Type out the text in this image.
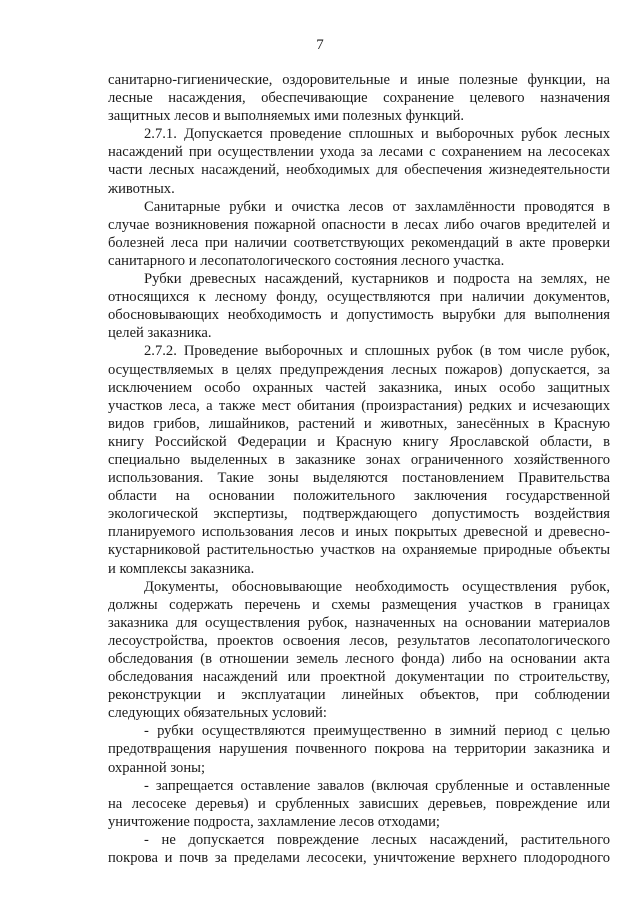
7
санитарно-гигиенические, оздоровительные и иные полезные функции, на
лесные насаждения, обеспечивающие сохранение целевого назначения
защитных лесов и выполняемых ими полезных функций.
2.7.1. Допускается проведение сплошных и выборочных рубок лесных
насаждений при осуществлении ухода за лесами с сохранением на лесосеках
части лесных насаждений, необходимых для обеспечения жизнедеятельности
животных.
Санитарные рубки и очистка лесов от захламлённости проводятся в
случае возникновения пожарной опасности в лесах либо очагов вредителей и
болезней леса при наличии соответствующих рекомендаций в акте проверки
санитарного и лесопатологического состояния лесного участка.
Рубки древесных насаждений, кустарников и подроста на землях, не
относящихся к лесному фонду, осуществляются при наличии документов,
обосновывающих необходимость и допустимость вырубки для выполнения
целей заказника.
2.7.2. Проведение выборочных и сплошных рубок (в том числе рубок,
осуществляемых в целях предупреждения лесных пожаров) допускается, за
исключением особо охранных частей заказника, иных особо защитных
участков леса, а также мест обитания (произрастания) редких и исчезающих
видов грибов, лишайников, растений и животных, занесённых в Красную
книгу Российской Федерации и Красную книгу Ярославской области, в
специально выделенных в заказнике зонах ограниченного хозяйственного
использования. Такие зоны выделяются постановлением Правительства
области на основании положительного заключения государственной
экологической экспертизы, подтверждающего допустимость воздействия
планируемого использования лесов и иных покрытых древесной и древесно-
кустарниковой растительностью участков на охраняемые природные объекты
и комплексы заказника.
Документы, обосновывающие необходимость осуществления рубок,
должны содержать перечень и схемы размещения участков в границах
заказника для осуществления рубок, назначенных на основании материалов
лесоустройства, проектов освоения лесов, результатов лесопатологического
обследования (в отношении земель лесного фонда) либо на основании акта
обследования насаждений или проектной документации по строительству,
реконструкции и эксплуатации линейных объектов, при соблюдении
следующих обязательных условий:
- рубки осуществляются преимущественно в зимний период с целью
предотвращения нарушения почвенного покрова на территории заказника и
охранной зоны;
- запрещается оставление завалов (включая срубленные и оставленные
на лесосеке деревья) и срубленных зависших деревьев, повреждение или
уничтожение подроста, захламление лесов отходами;
- не допускается повреждение лесных насаждений, растительного
покрова и почв за пределами лесосеки, уничтожение верхнего плодородного
